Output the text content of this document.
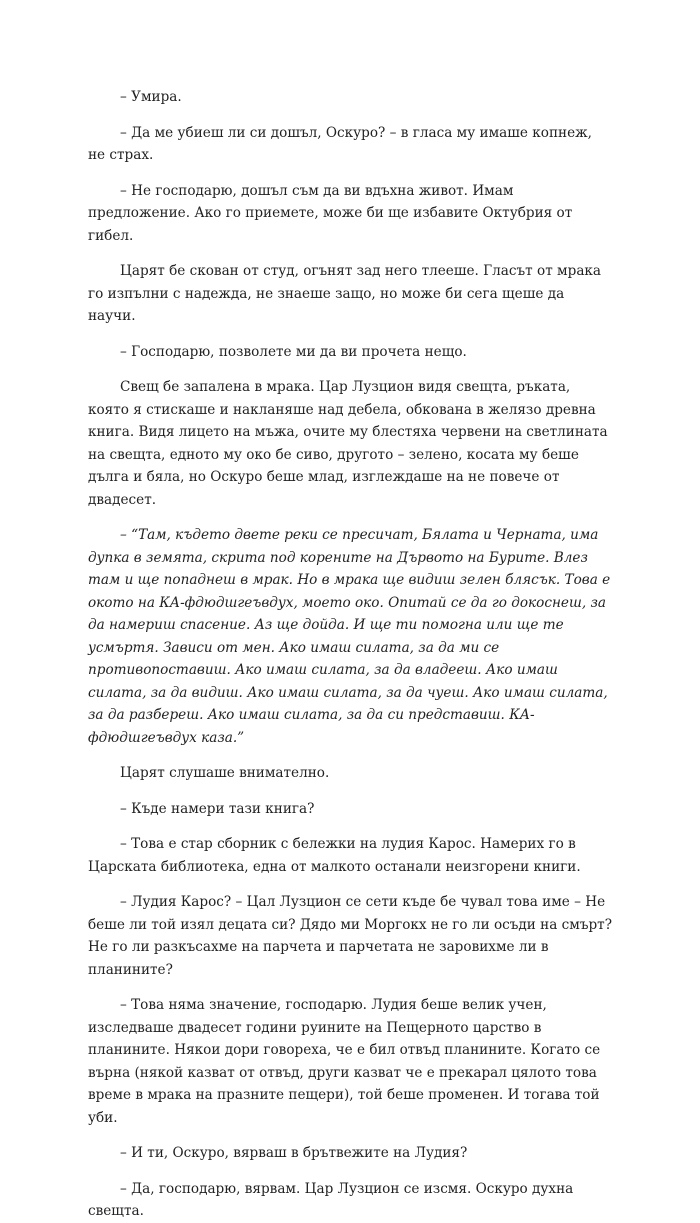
– Умира.

– Да ме убиеш ли си дошъл, Оскуро? – в гласа му имаше копнеж, не страх.

– Не господарю, дошъл съм да ви вдъхна живот. Имам предложение. Ако го приемете, може би ще избавите Октубрия от гибел.

Царят бе скован от студ, огънят зад него тлееше. Гласът от мрака го изпълни с надежда, не знаеше защо, но може би сега щеше да научи.

– Господарю, позволете ми да ви прочета нещо.

Свещ бе запалена в мрака. Цар Лузцион видя свещта, ръката, която я стискаше и накланяше над дебела, обкована в желязо древна книга. Видя лицето на мъжа, очите му блестяха червени на светлината на свещта, едното му око бе сиво, другото – зелено, косата му беше дълга и бяла, но Оскуро беше млад, изглеждаше на не повече от двадесет.

– “Там, където двете реки се пресичат, Бялата и Черната, има дупка в земята, скрита под корените на Дървото на Бурите. Влез там и ще попаднеш в мрак. Но в мрака ще видиш зелен блясък. Това е окото на КА-фдюдшгеъвдух, моето око. Опитай се да го докоснеш, за да намериш спасение. Аз ще дойда. И ще ти помогна или ще те усмъртя. Зависи от мен. Ако имаш силата, за да ми се противопоставиш. Ако имаш силата, за да владееш. Ако имаш силата, за да видиш. Ако имаш силата, за да чуеш. Ако имаш силата, за да разбереш. Ако имаш силата, за да си представиш. КА-фдюдшгеъвдух каза.”

Царят слушаше внимателно.

– Къде намери тази книга?

– Това е стар сборник с бележки на лудия Карос. Намерих го в Царската библиотека, една от малкото останали неизгорени книги.

– Лудия Карос? – Цал Лузцион се сети къде бе чувал това име – Не беше ли той изял децата си? Дядо ми Моргокх не го ли осъди на смърт? Не го ли разкъсахме на парчета и парчетата не заровихме ли в планините?

– Това няма значение, господарю. Лудия беше велик учен, изследваше двадесет години руините на Пещерното царство в планините. Някои дори говореха, че е бил отвъд планините. Когато се върна (някой казват от отвъд, други казват че е прекарал цялото това време в мрака на празните пещери), той беше променен. И тогава той уби.

– И ти, Оскуро, вярваш в брътвежите на Лудия?

– Да, господарю, вярвам. Цар Лузцион се изсмя. Оскуро духна свещта.
